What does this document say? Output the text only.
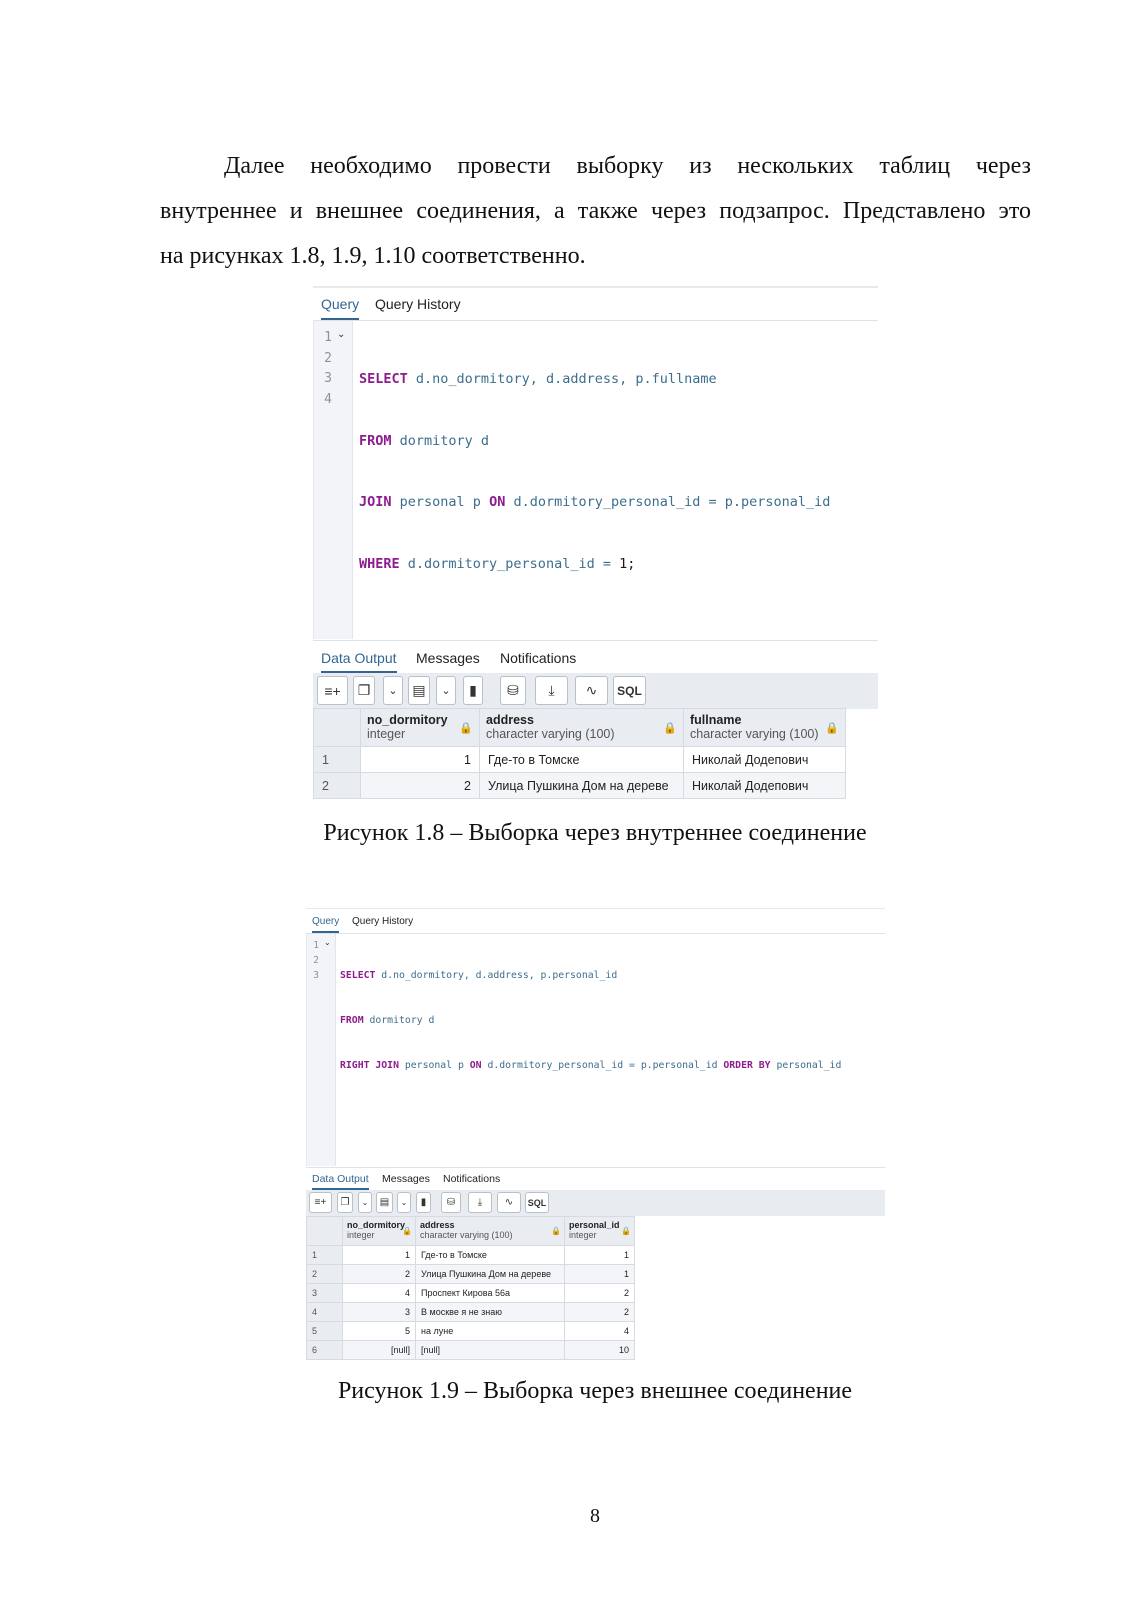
Далее необходимо провести выборку из нескольких таблиц через
внутреннее и внешнее соединения, а также через подзапрос. Представлено это
на рисунках 1.8, 1.9, 1.10 соответственно.
Query Query History
1
2
3
4
⌄

SELECT d.no_dormitory, d.address, p.fullname

FROM dormitory d

JOIN personal p ON d.dormitory_personal_id = p.personal_id

WHERE d.dormitory_personal_id = 1;

Data Output Messages Notifications
≡+	❐	⌄	▤	⌄	▮	⛁	⤓	∿	SQL

	no_dormitory
integer 🔒	address
character varying (100) 🔒	fullname
character varying (100) 🔒

1	1	Где-то в Томске	Николай Додепович
2	2	Улица Пушкина Дом на дереве	Николай Додепович
Рисунок 1.8 – Выборка через внутреннее соединение
Query Query History
1
2
3
⌄

SELECT d.no_dormitory, d.address, p.personal_id

FROM dormitory d

RIGHT JOIN personal p ON d.dormitory_personal_id = p.personal_id ORDER BY personal_id

Data Output Messages Notifications
≡+	❐	⌄	▤	⌄	▮	⛁	⤓	∿	SQL

	no_dormitory
integer 🔒	address
character varying (100) 🔒	personal_id
integer 🔒

1	1	Где-то в Томске	1
2	2	Улица Пушкина Дом на дереве	1
3	4	Проспект Кирова 56а	2
4	3	В москве я не знаю	2
5	5	на луне	4
6	[null]	[null]	10
Рисунок 1.9 – Выборка через внешнее соединение
8
